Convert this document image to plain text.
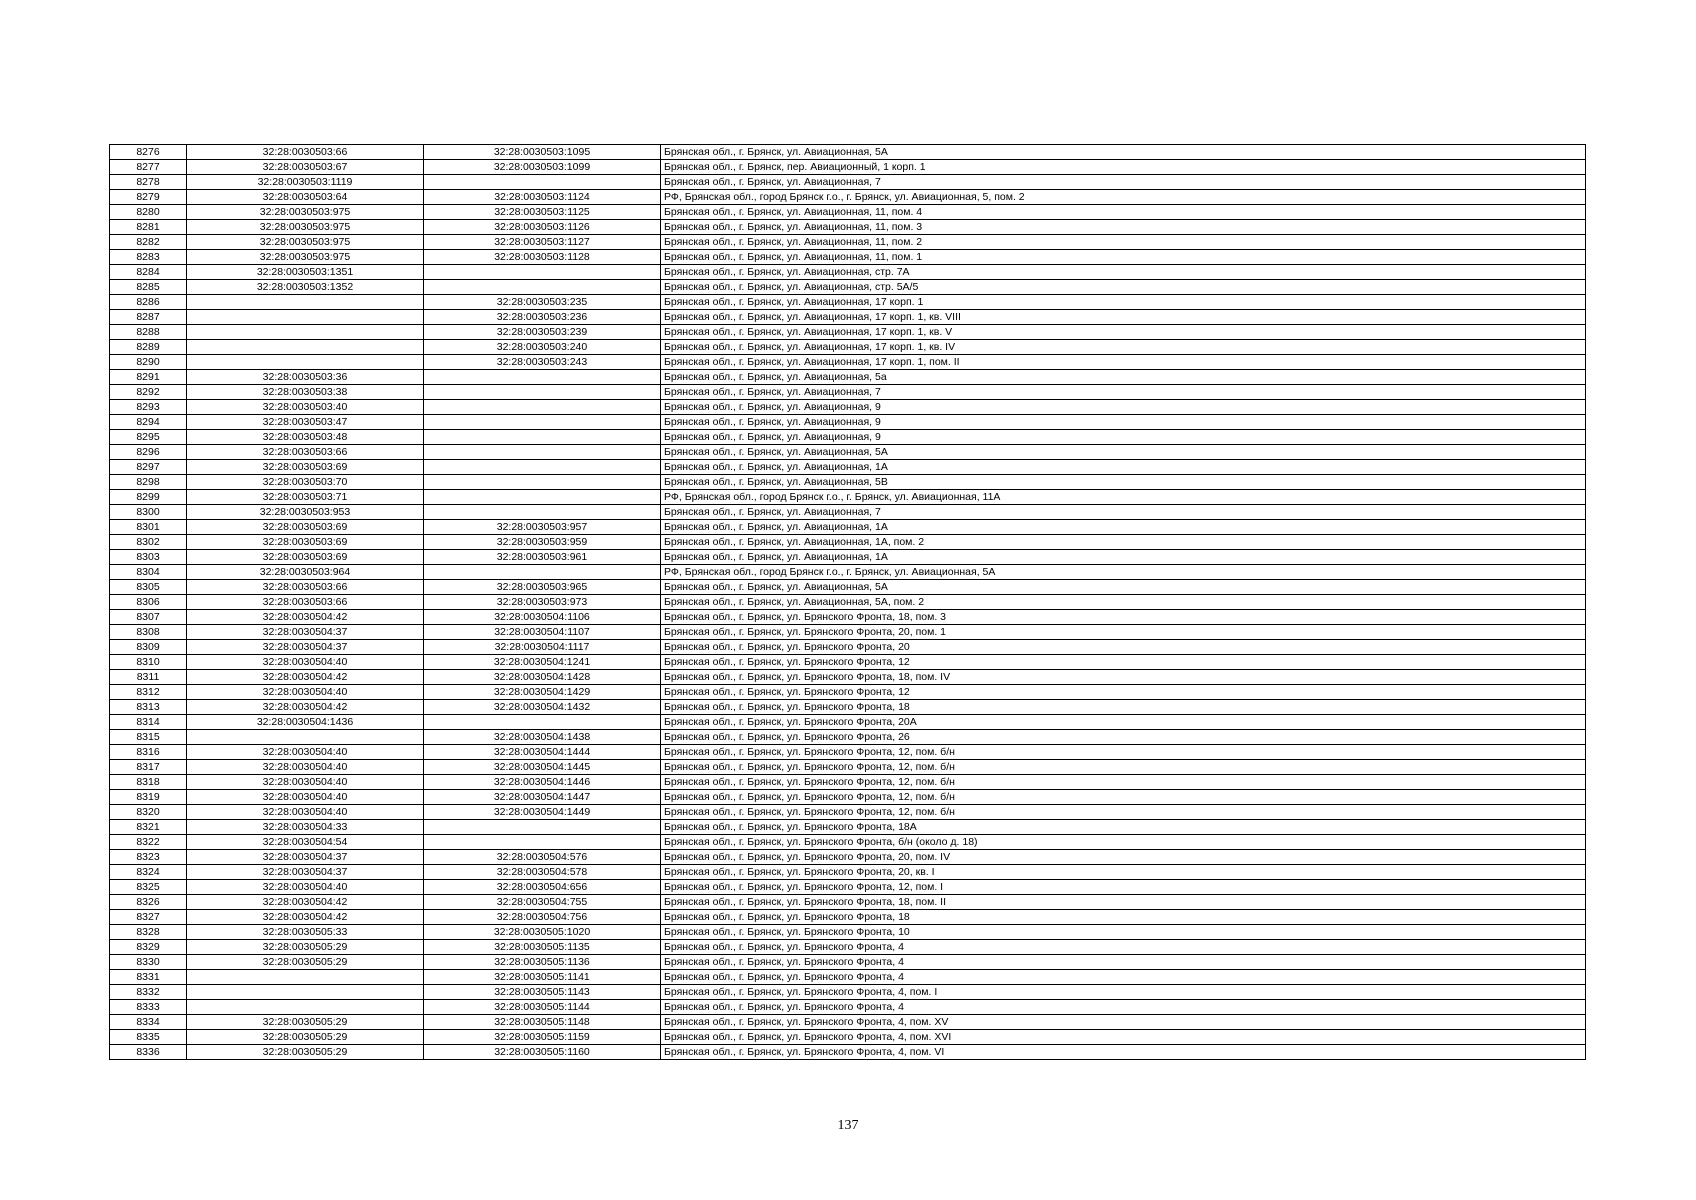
8276	32:28:0030503:66	32:28:0030503:1095	Брянская обл., г. Брянск, ул. Авиационная, 5А
8277	32:28:0030503:67	32:28:0030503:1099	Брянская обл., г. Брянск, пер. Авиационный, 1 корп. 1
8278	32:28:0030503:1119		Брянская обл., г. Брянск, ул. Авиационная, 7
8279	32:28:0030503:64	32:28:0030503:1124	РФ, Брянская обл., город Брянск г.о., г. Брянск, ул. Авиационная, 5, пом. 2
8280	32:28:0030503:975	32:28:0030503:1125	Брянская обл., г. Брянск, ул. Авиационная, 11, пом. 4
8281	32:28:0030503:975	32:28:0030503:1126	Брянская обл., г. Брянск, ул. Авиационная, 11, пом. 3
8282	32:28:0030503:975	32:28:0030503:1127	Брянская обл., г. Брянск, ул. Авиационная, 11, пом. 2
8283	32:28:0030503:975	32:28:0030503:1128	Брянская обл., г. Брянск, ул. Авиационная, 11, пом. 1
8284	32:28:0030503:1351		Брянская обл., г. Брянск, ул. Авиационная, стр. 7А
8285	32:28:0030503:1352		Брянская обл., г. Брянск, ул. Авиационная, стр. 5А/5
8286		32:28:0030503:235	Брянская обл., г. Брянск, ул. Авиационная, 17 корп. 1
8287		32:28:0030503:236	Брянская обл., г. Брянск, ул. Авиационная, 17 корп. 1, кв. VIII
8288		32:28:0030503:239	Брянская обл., г. Брянск, ул. Авиационная, 17 корп. 1, кв. V
8289		32:28:0030503:240	Брянская обл., г. Брянск, ул. Авиационная, 17 корп. 1, кв. IV
8290		32:28:0030503:243	Брянская обл., г. Брянск, ул. Авиационная, 17 корп. 1, пом. II
8291	32:28:0030503:36		Брянская обл., г. Брянск, ул. Авиационная, 5а
8292	32:28:0030503:38		Брянская обл., г. Брянск, ул. Авиационная, 7
8293	32:28:0030503:40		Брянская обл., г. Брянск, ул. Авиационная, 9
8294	32:28:0030503:47		Брянская обл., г. Брянск, ул. Авиационная, 9
8295	32:28:0030503:48		Брянская обл., г. Брянск, ул. Авиационная, 9
8296	32:28:0030503:66		Брянская обл., г. Брянск, ул. Авиационная, 5А
8297	32:28:0030503:69		Брянская обл., г. Брянск, ул. Авиационная, 1А
8298	32:28:0030503:70		Брянская обл., г. Брянск, ул. Авиационная, 5В
8299	32:28:0030503:71		РФ, Брянская обл., город Брянск г.о., г. Брянск, ул. Авиационная, 11А
8300	32:28:0030503:953		Брянская обл., г. Брянск, ул. Авиационная, 7
8301	32:28:0030503:69	32:28:0030503:957	Брянская обл., г. Брянск, ул. Авиационная, 1А
8302	32:28:0030503:69	32:28:0030503:959	Брянская обл., г. Брянск, ул. Авиационная, 1А, пом. 2
8303	32:28:0030503:69	32:28:0030503:961	Брянская обл., г. Брянск, ул. Авиационная, 1А
8304	32:28:0030503:964		РФ, Брянская обл., город Брянск г.о., г. Брянск, ул. Авиационная, 5А
8305	32:28:0030503:66	32:28:0030503:965	Брянская обл., г. Брянск, ул. Авиационная, 5А
8306	32:28:0030503:66	32:28:0030503:973	Брянская обл., г. Брянск, ул. Авиационная, 5А, пом. 2
8307	32:28:0030504:42	32:28:0030504:1106	Брянская обл., г. Брянск, ул. Брянского Фронта, 18, пом. 3
8308	32:28:0030504:37	32:28:0030504:1107	Брянская обл., г. Брянск, ул. Брянского Фронта, 20, пом. 1
8309	32:28:0030504:37	32:28:0030504:1117	Брянская обл., г. Брянск, ул. Брянского Фронта, 20
8310	32:28:0030504:40	32:28:0030504:1241	Брянская обл., г. Брянск, ул. Брянского Фронта, 12
8311	32:28:0030504:42	32:28:0030504:1428	Брянская обл., г. Брянск, ул. Брянского Фронта, 18, пом. IV
8312	32:28:0030504:40	32:28:0030504:1429	Брянская обл., г. Брянск, ул. Брянского Фронта, 12
8313	32:28:0030504:42	32:28:0030504:1432	Брянская обл., г. Брянск, ул. Брянского Фронта, 18
8314	32:28:0030504:1436		Брянская обл., г. Брянск, ул. Брянского Фронта, 20А
8315		32:28:0030504:1438	Брянская обл., г. Брянск, ул. Брянского Фронта, 26
8316	32:28:0030504:40	32:28:0030504:1444	Брянская обл., г. Брянск, ул. Брянского Фронта, 12, пом. б/н
8317	32:28:0030504:40	32:28:0030504:1445	Брянская обл., г. Брянск, ул. Брянского Фронта, 12, пом. б/н
8318	32:28:0030504:40	32:28:0030504:1446	Брянская обл., г. Брянск, ул. Брянского Фронта, 12, пом. б/н
8319	32:28:0030504:40	32:28:0030504:1447	Брянская обл., г. Брянск, ул. Брянского Фронта, 12, пом. б/н
8320	32:28:0030504:40	32:28:0030504:1449	Брянская обл., г. Брянск, ул. Брянского Фронта, 12, пом. б/н
8321	32:28:0030504:33		Брянская обл., г. Брянск, ул. Брянского Фронта, 18А
8322	32:28:0030504:54		Брянская обл., г. Брянск, ул. Брянского Фронта, б/н (около д. 18)
8323	32:28:0030504:37	32:28:0030504:576	Брянская обл., г. Брянск, ул. Брянского Фронта, 20, пом. IV
8324	32:28:0030504:37	32:28:0030504:578	Брянская обл., г. Брянск, ул. Брянского Фронта, 20, кв. I
8325	32:28:0030504:40	32:28:0030504:656	Брянская обл., г. Брянск, ул. Брянского Фронта, 12, пом. I
8326	32:28:0030504:42	32:28:0030504:755	Брянская обл., г. Брянск, ул. Брянского Фронта, 18, пом. II
8327	32:28:0030504:42	32:28:0030504:756	Брянская обл., г. Брянск, ул. Брянского Фронта, 18
8328	32:28:0030505:33	32:28:0030505:1020	Брянская обл., г. Брянск, ул. Брянского Фронта, 10
8329	32:28:0030505:29	32:28:0030505:1135	Брянская обл., г. Брянск, ул. Брянского Фронта, 4
8330	32:28:0030505:29	32:28:0030505:1136	Брянская обл., г. Брянск, ул. Брянского Фронта, 4
8331		32:28:0030505:1141	Брянская обл., г. Брянск, ул. Брянского Фронта, 4
8332		32:28:0030505:1143	Брянская обл., г. Брянск, ул. Брянского Фронта, 4, пом. I
8333		32:28:0030505:1144	Брянская обл., г. Брянск, ул. Брянского Фронта, 4
8334	32:28:0030505:29	32:28:0030505:1148	Брянская обл., г. Брянск, ул. Брянского Фронта, 4, пом. XV
8335	32:28:0030505:29	32:28:0030505:1159	Брянская обл., г. Брянск, ул. Брянского Фронта, 4, пом. XVI
8336	32:28:0030505:29	32:28:0030505:1160	Брянская обл., г. Брянск, ул. Брянского Фронта, 4, пом. VI
137
